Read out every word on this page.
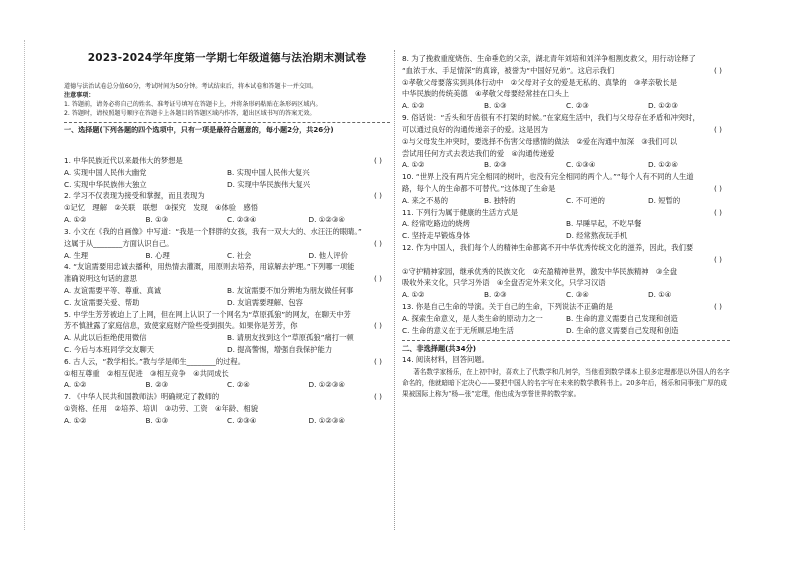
2023-2024学年度第一学期七年级道德与法治期末测试卷
道德与法治试卷总分值60分，考试时间为50分钟。考试结束后，将本试卷和答题卡一并交回。
注意事项：
1. 答题前，请务必将自己的姓名、准考证号填写在答题卡上，并将条形码粘贴在条形码区域内。
2. 答题时，请按照题号顺序在答题卡上各题目的答题区域内作答，超出区域书写的答案无效。
一、选择题(下列各题的四个选项中，只有一项是最符合题意的，每小题2分，共26分)
( )
1. 中华民族近代以来最伟大的梦想是
A. 实现中国人民伟大幽党	B. 实现中国人民伟大复兴
C. 实现中华民族伟大独立	D. 实现中华民族伟大复兴
( )
2. 学习不仅表现为接受和掌握，而且表现为
①记忆　理解　②关联　联想　③探究　发现　④体验　感悟
A. ①②	B. ①③	C. ②③④	D. ①②③④
3. 小文在《我的自画像》中写道：“我是一个胖胖的女孩，我有一双大大的、水汪汪的眼睛。”
( )
这属于从________方面认识自己。
A. 生理	B. 心理	C. 社会	D. 他人评价
4. “友谊需要用忠诚去播种，用热情去灌溉，用原则去培养，用谅解去护理。”下列哪一项能
( )
准确说明这句话的意思
A. 友谊需要平等、尊重、真诚	B. 友谊需要不加分辨地为朋友做任何事
C. 友谊需要关爱、帮助	D. 友谊需要理解、包容
5. 中学生芳芳被迫上了上网，但在网上认识了一个网名为“草原孤狼”的网友，在聊天中芳
( )
芳不慎泄露了家庭信息，致使家庭财产险些受到损失。如果你是芳芳，你
A. 从此以后拒绝使用微信	B. 请朋友找到这个“草原孤狼”痛打一顿
C. 今后与本班同学交友聊天	D. 提高警惕，增强自我保护能力
( )
6. 古人云，“教学相长。”教与学是师生________的过程。
①相互尊重　②相互促进　③相互竞争　④共同成长
A. ①②	B. ②③	C. ②④	D. ①②③④
( )
7. 《中华人民共和国教师法》明确规定了教师的
①资格、任用　②培养、培训　③功劳、工资　④年龄、相貌
A. ①②	B. ①③	C. ②③④	D. ①②③④
8. 为了挽救重度烧伤、生命垂危的父亲，湖北青年刘培和刘洋争相割皮救父，用行动诠释了
( )
“血浓于水、手足情深”的真谛，被誉为“中国好兄弟”。这启示我们
①孝敬父母要落实到具体行动中　②父母对子女的爱是无私的、真挚的　③孝亲敬长是
中华民族的传统美德　④孝敬父母要经常挂在口头上
A. ①②	B. ①③	C. ②③	D. ①②③
9. 俗话说：“舌头和牙齿很有不打架的时候。”在家庭生活中，我们与父母存在矛盾和冲突时，
( )
可以通过良好的沟通传递亲子的爱。这是因为
①与父母发生冲突时，要选择不伤害父母感情的做法　②爱在沟通中加深　③我们可以
尝试用任何方式去表达我们的爱　④沟通传递爱
A. ①②	B. ②③	C. ①③④	D. ①②④
10. “世界上没有两片完全相同的树叶，也没有完全相同的两个人。”“每个人有不同的人生道
( )
路，每个人的生命都不可替代。”这体现了生命是
A. 来之不易的	B. 独特的	C. 不可逆的	D. 短暂的
( )
11. 下列行为属于健康的生活方式是
A. 经常吃路边的烧烤	B. 早睡早起，不吃早餐
C. 坚持走早锻炼身体	D. 经常熬夜玩手机
12. 作为中国人，我们每个人的精神生命都离不开中华优秀传统文化的滋养，因此，我们要
( )
①守护精神家园，继承优秀的民族文化　②充盈精神世界，激发中华民族精神　③全盘
吸收外来文化，只学习外语　④全盘否定外来文化，只学习汉语
A. ①②	B. ②③	C. ③④	D. ①④
( )
13. 你是自己生命的导演。关于自己的生命，下列说法不正确的是
A. 探索生命意义，是人类生命的原动力之一	B. 生命的意义需要自己发现和创造
C. 生命的意义在于无所顾忌地生活	D. 生命的意义需要自己发现和创造
二、非选择题(共34分)
14. 阅读材料，回答问题。

著名数学家杨乐，在上初中时，喜欢上了代数学和几何学，当他看到数学课本上很多定理都是以外国人的名字命名的，他就暗暗下定决心——要把中国人的名字写在未来的数学教科书上。20多年后，杨乐和同事张广厚的成果被国际上称为“杨—张”定理，他也成为享誉世界的数学家。
